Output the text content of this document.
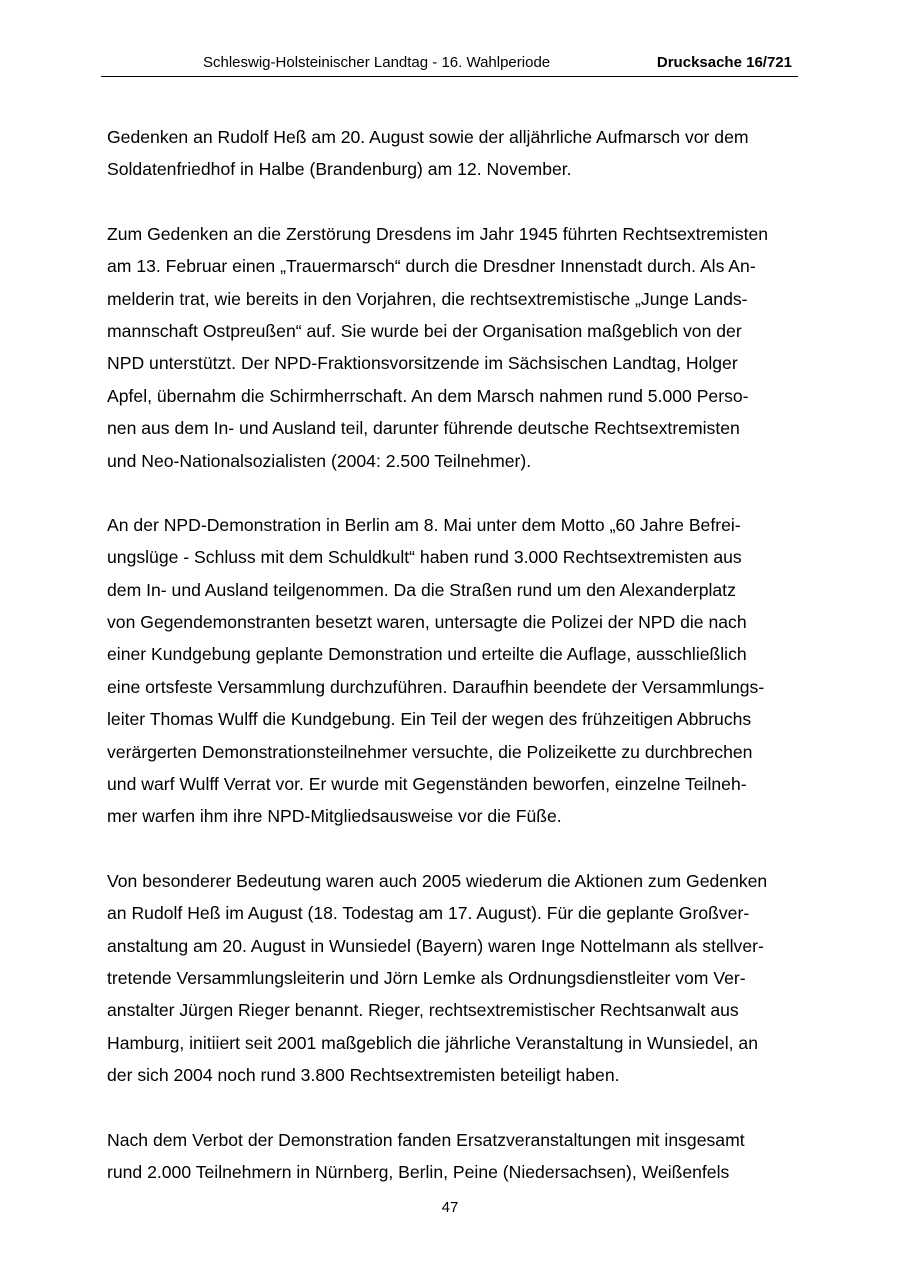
Schleswig-Holsteinischer Landtag - 16. Wahlperiode	Drucksache 16/721

Gedenken an Rudolf Heß am 20. August sowie der alljährliche Aufmarsch vor dem
Soldatenfriedhof in Halbe (Brandenburg) am 12. November.

Zum Gedenken an die Zerstörung Dresdens im Jahr 1945 führten Rechtsextremisten
am 13. Februar einen „Trauermarsch“ durch die Dresdner Innenstadt durch. Als An-
melderin trat, wie bereits in den Vorjahren, die rechtsextremistische „Junge Lands-
mannschaft Ostpreußen“ auf. Sie wurde bei der Organisation maßgeblich von der
NPD unterstützt. Der NPD-Fraktionsvorsitzende im Sächsischen Landtag, Holger
Apfel, übernahm die Schirmherrschaft. An dem Marsch nahmen rund 5.000 Perso-
nen aus dem In- und Ausland teil, darunter führende deutsche Rechtsextremisten
und Neo-Nationalsozialisten (2004: 2.500 Teilnehmer).

An der NPD-Demonstration in Berlin am 8. Mai unter dem Motto „60 Jahre Befrei-
ungslüge - Schluss mit dem Schuldkult“ haben rund 3.000 Rechtsextremisten aus
dem In- und Ausland teilgenommen. Da die Straßen rund um den Alexanderplatz
von Gegendemonstranten besetzt waren, untersagte die Polizei der NPD die nach
einer Kundgebung geplante Demonstration und erteilte die Auflage, ausschließlich
eine ortsfeste Versammlung durchzuführen. Daraufhin beendete der Versammlungs-
leiter Thomas Wulff die Kundgebung. Ein Teil der wegen des frühzeitigen Abbruchs
verärgerten Demonstrationsteilnehmer versuchte, die Polizeikette zu durchbrechen
und warf Wulff Verrat vor. Er wurde mit Gegenständen beworfen, einzelne Teilneh-
mer warfen ihm ihre NPD-Mitgliedsausweise vor die Füße.

Von besonderer Bedeutung waren auch 2005 wiederum die Aktionen zum Gedenken
an Rudolf Heß im August (18. Todestag am 17. August). Für die geplante Großver-
anstaltung am 20. August in Wunsiedel (Bayern) waren Inge Nottelmann als stellver-
tretende Versammlungsleiterin und Jörn Lemke als Ordnungsdienstleiter vom Ver-
anstalter Jürgen Rieger benannt. Rieger, rechtsextremistischer Rechtsanwalt aus
Hamburg, initiiert seit 2001 maßgeblich die jährliche Veranstaltung in Wunsiedel, an
der sich 2004 noch rund 3.800 Rechtsextremisten beteiligt haben.

Nach dem Verbot der Demonstration fanden Ersatzveranstaltungen mit insgesamt
rund 2.000 Teilnehmern in Nürnberg, Berlin, Peine (Niedersachsen), Weißenfels

47
